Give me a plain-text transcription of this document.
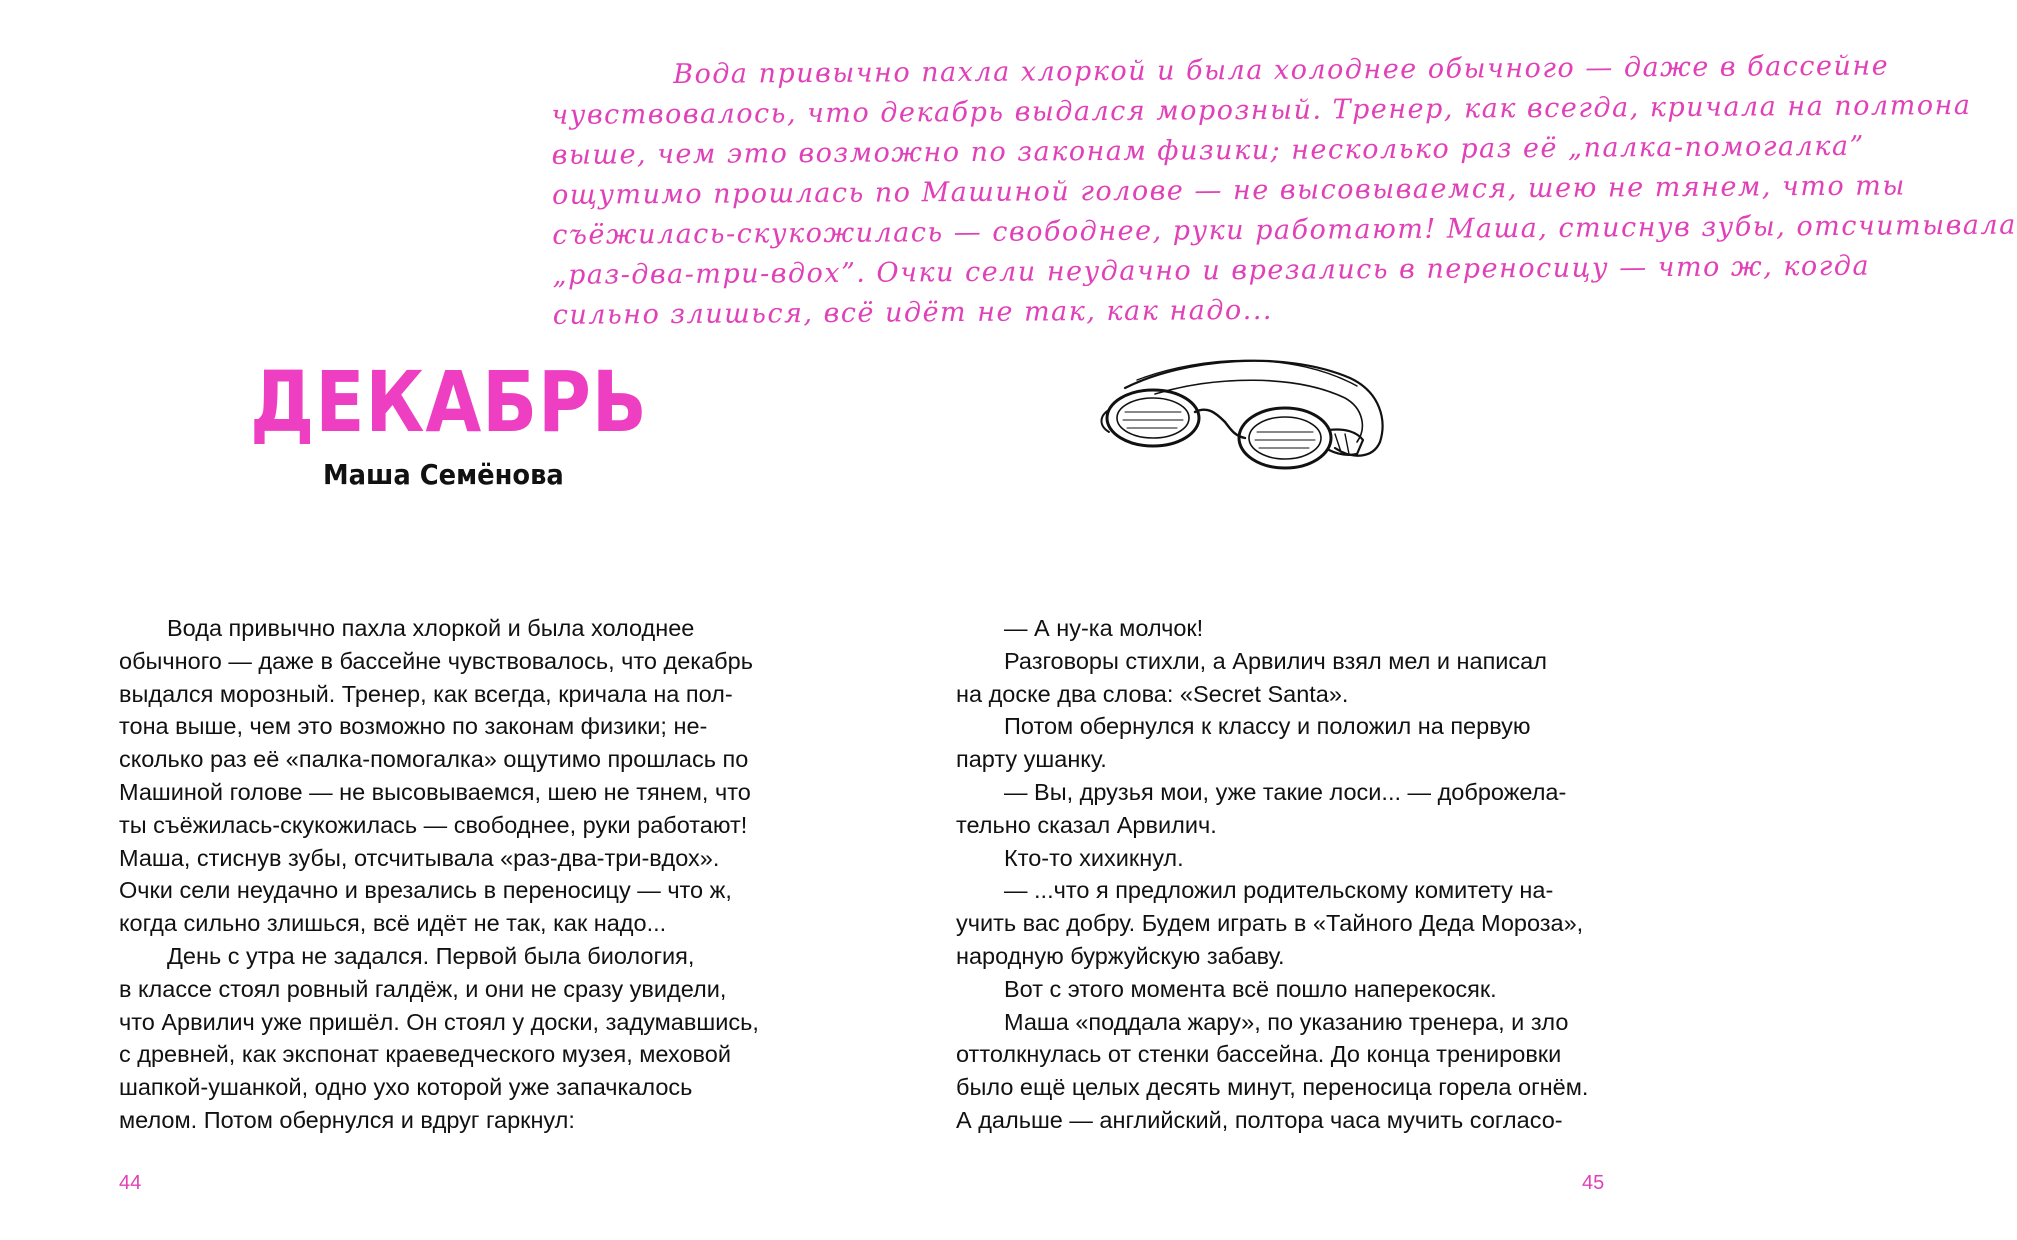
Вода привычно пахла хлоркой и была холоднее обычного — даже в бассейне
чувствовалось, что декабрь выдался морозный. Тренер, как всегда, кричала на полтона
выше, чем это возможно по законам физики; несколько раз её „палка-помогалка”
ощутимо прошлась по Машиной голове — не высовываемся, шею не тянем, что ты
съёжилась-скукожилась — свободнее, руки работают! Маша, стиснув зубы, отсчитывала
„раз-два-три-вдох”. Очки сели неудачно и врезались в переносицу — что ж, когда
сильно злишься, всё идёт не так, как надо...
ДЕКАБРЬ
Маша Семёнова

Вода привычно пахла хлоркой и была холоднее
обычного — даже в бассейне чувствовалось, что декабрь
выдался морозный. Тренер, как всегда, кричала на пол-
тона выше, чем это возможно по законам физики; не-
сколько раз её «палка-помогалка» ощутимо прошлась по
Машиной голове — не высовываемся, шею не тянем, что
ты съёжилась-скукожилась — свободнее, руки работают!
Маша, стиснув зубы, отсчитывала «раз-два-три-вдох».
Очки сели неудачно и врезались в переносицу — что ж,
когда сильно злишься, всё идёт не так, как надо...

День с утра не задался. Первой была биология,
в классе стоял ровный галдёж, и они не сразу увидели,
что Арвилич уже пришёл. Он стоял у доски, задумавшись,
с древней, как экспонат краеведческого музея, меховой
шапкой-ушанкой, одно ухо которой уже запачкалось
мелом. Потом обернулся и вдруг гаркнул:

— А ну-ка молчок!

Разговоры стихли, а Арвилич взял мел и написал
на доске два слова: «Secret Santa».

Потом обернулся к классу и положил на первую
парту ушанку.

— Вы, друзья мои, уже такие лоси... — доброжела-
тельно сказал Арвилич.

Кто-то хихикнул.

— ...что я предложил родительскому комитету на-
учить вас добру. Будем играть в «Тайного Деда Мороза»,
народную буржуйскую забаву.

Вот с этого момента всё пошло наперекосяк.

Маша «поддала жару», по указанию тренера, и зло
оттолкнулась от стенки бассейна. До конца тренировки
было ещё целых десять минут, переносица горела огнём.
А дальше — английский, полтора часа мучить согласо-

44	45
